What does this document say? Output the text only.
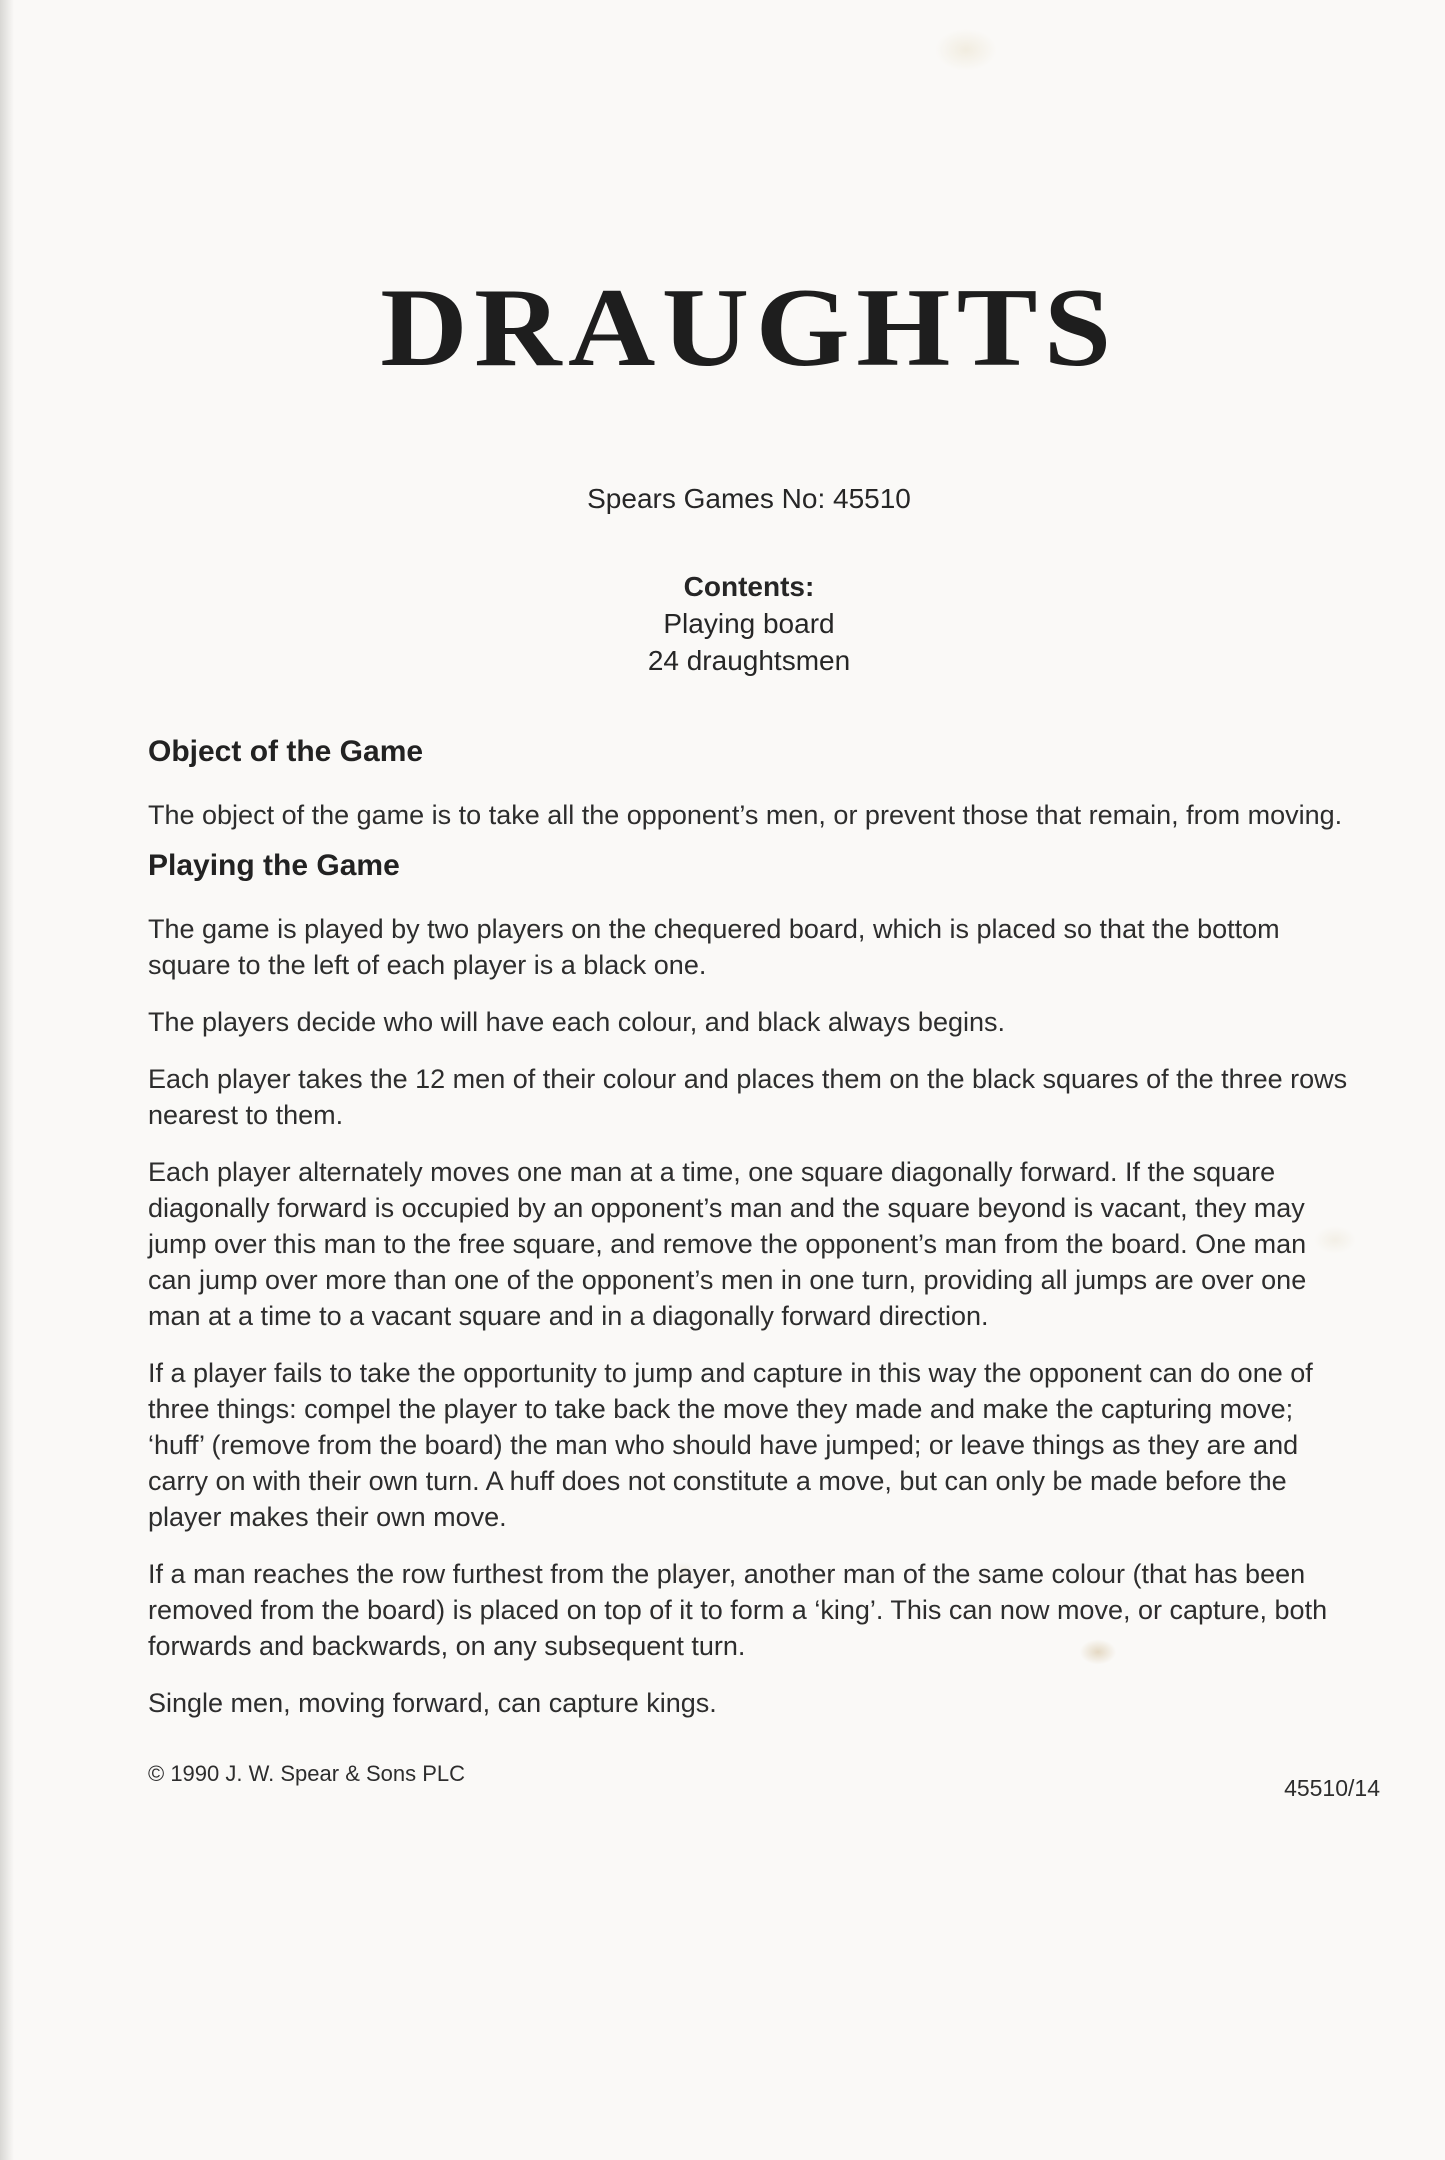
DRAUGHTS
Spears Games No: 45510
Contents:
Playing board
24 draughtsmen
Object of the Game

The object of the game is to take all the opponent’s men, or prevent those that remain, from moving.

Playing the Game

The game is played by two players on the chequered board, which is placed so that the bottom square to the left of each player is a black one.

The players decide who will have each colour, and black always begins.

Each player takes the 12 men of their colour and places them on the black squares of the three rows nearest to them.

Each player alternately moves one man at a time, one square diagonally forward. If the square diagonally forward is occupied by an opponent’s man and the square beyond is vacant, they may jump over this man to the free square, and remove the opponent’s man from the board. One man can jump over more than one of the opponent’s men in one turn, providing all jumps are over one man at a time to a vacant square and in a diagonally forward direction.

If a player fails to take the opportunity to jump and capture in this way the opponent can do one of three things: compel the player to take back the move they made and make the capturing move; ‘huff’ (remove from the board) the man who should have jumped; or leave things as they are and carry on with their own turn. A huff does not constitute a move, but can only be made before the player makes their own move.

If a man reaches the row furthest from the player, another man of the same colour (that has been removed from the board) is placed on top of it to form a ‘king’. This can now move, or capture, both forwards and backwards, on any subsequent turn.

Single men, moving forward, can capture kings.

© 1990 J. W. Spear & Sons PLC
45510/14
